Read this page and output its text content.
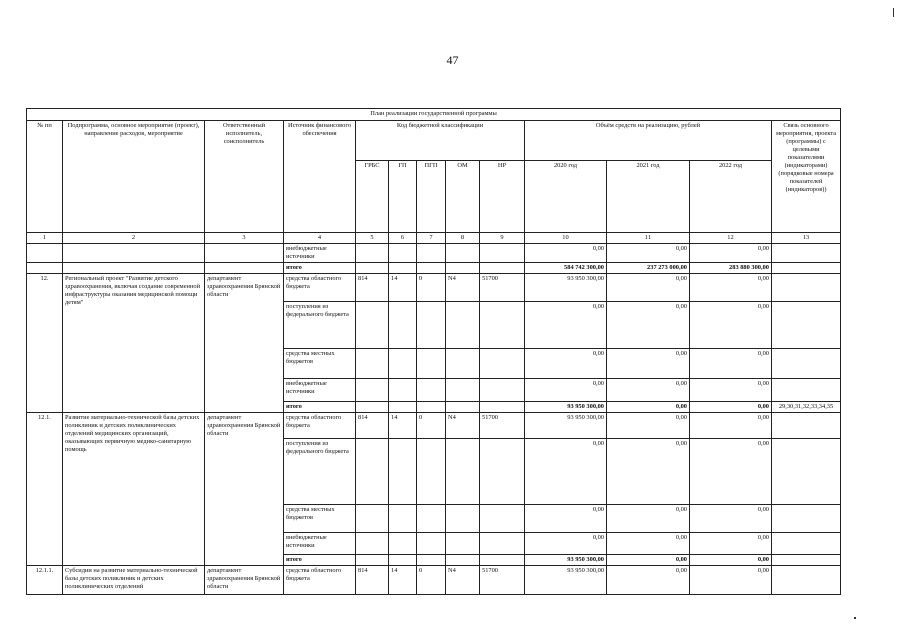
47
План реализации государственной программы												
№ пп	Подпрограмма, основное мероприятие (проект), направление расходов, мероприятие	Ответственный исполнитель, соисполнитель	Источник финансового обеспечения	Код бюджетной классификации					Объём средств на реализацию, рублей			Связь основного мероприятия, проекта (программы) с целевыми показателями (индикаторами) (порядковые номера показателей (индикаторов))
				ГРБС	ГП	ПГП	ОМ	НР	2020 год	2021 год	2022 год	
1	2	3	4	5	6	7	8	9	10	11	12	13
			внебюджетные источники						0,00	0,00	0,00	
			итого						584 742 300,00	237 273 000,00	283 880 300,00	
12.	Региональный проект "Развитие детского здравоохранения, включая создание современной инфраструктуры оказания медицинской помощи детям"	департамент здравоохранения Брянской области	средства областного бюджета	814	14	0	N4	51700	93 950 300,00	0,00	0,00	
			поступления из федерального бюджета						0,00	0,00	0,00	
			средства местных бюджетов						0,00	0,00	0,00	
			внебюджетные источники						0,00	0,00	0,00	
			итого						93 950 300,00	0,00	0,00	29,30,31,32,33,34,35
12.1.	Развитие материально-технической базы детских поликлиник и детских поликлинических отделений медицинских организаций, оказывающих первичную медико-санитарную помощь	департамент здравоохранения Брянской области	средства областного бюджета	814	14	0	N4	51700	93 950 300,00	0,00	0,00	
			поступления из федерального бюджета						0,00	0,00	0,00	
			средства местных бюджетов						0,00	0,00	0,00	
			внебюджетные источники						0,00	0,00	0,00	
			итого						93 950 300,00	0,00	0,00	
12.1.1.	Субсидии на развитие материально-технической базы детских поликлиник и детских поликлинических отделений	департамент здравоохранения Брянской области	средства областного бюджета	814	14	0	N4	51700	93 950 300,00	0,00	0,00	
